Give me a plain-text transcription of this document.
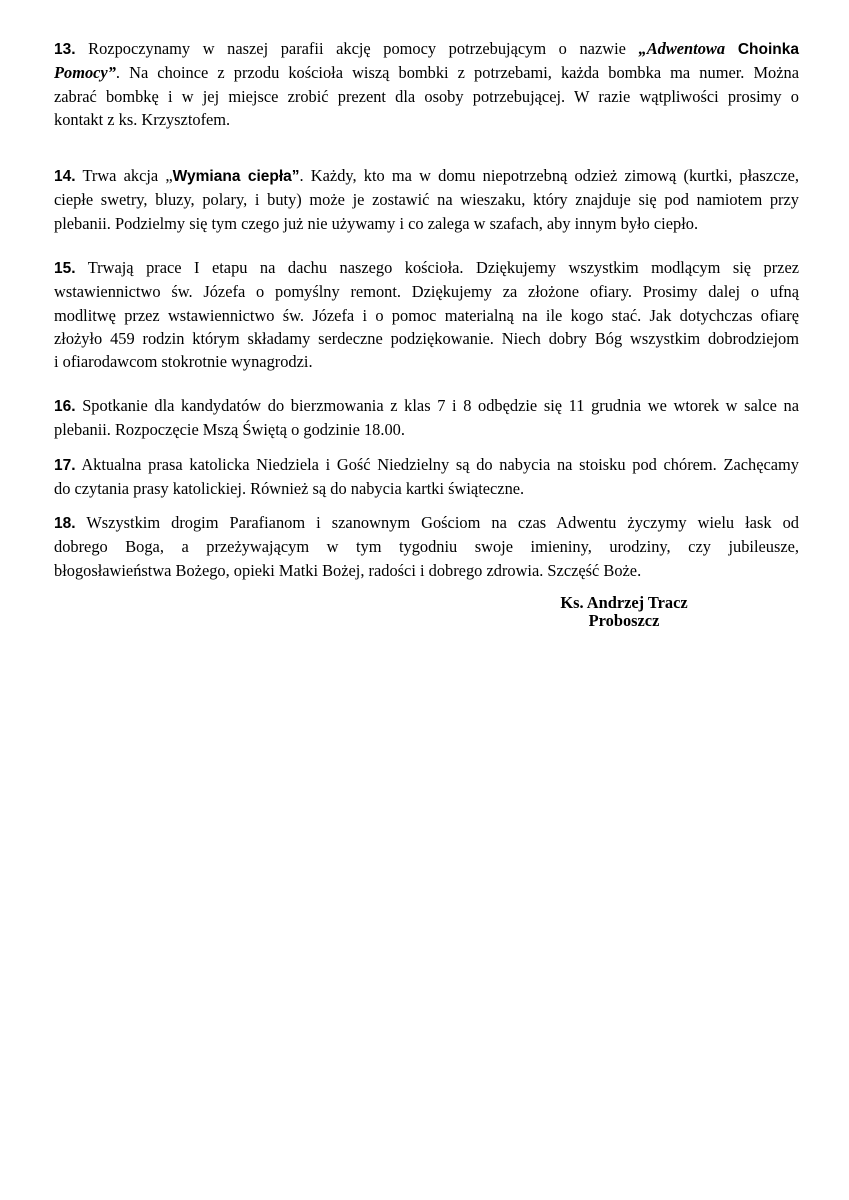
13. Rozpoczynamy w naszej parafii akcję pomocy potrzebującym o nazwie „Adwentowa Choinka
Pomocy”. Na choince z przodu kościoła wiszą bombki z potrzebami, każda bombka ma numer. Można
zabrać bombkę i w jej miejsce zrobić prezent dla osoby potrzebującej. W razie wątpliwości prosimy o
kontakt z ks. Krzysztofem.
14. Trwa akcja „Wymiana ciepła”. Każdy, kto ma w domu niepotrzebną odzież zimową (kurtki, płaszcze,
ciepłe swetry, bluzy, polary, i buty) może je zostawić na wieszaku, który znajduje się pod namiotem przy
plebanii. Podzielmy się tym czego już nie używamy i co zalega w szafach, aby innym było ciepło.
15. Trwają prace I etapu na dachu naszego kościoła. Dziękujemy wszystkim modlącym się przez
wstawiennictwo św. Józefa o pomyślny remont. Dziękujemy za złożone ofiary. Prosimy dalej o ufną
modlitwę przez wstawiennictwo św. Józefa i o pomoc materialną na ile kogo stać. Jak dotychczas ofiarę
złożyło 459 rodzin którym składamy serdeczne podziękowanie. Niech dobry Bóg wszystkim dobrodziejom
i ofiarodawcom stokrotnie wynagrodzi.
16. Spotkanie dla kandydatów do bierzmowania z klas 7 i 8 odbędzie się 11 grudnia we wtorek w salce na
plebanii. Rozpoczęcie Mszą Świętą o godzinie 18.00.
17. Aktualna prasa katolicka Niedziela i Gość Niedzielny są do nabycia na stoisku pod chórem. Zachęcamy
do czytania prasy katolickiej. Również są do nabycia kartki świąteczne.
18. Wszystkim drogim Parafianom i szanownym Gościom na czas Adwentu życzymy wielu łask od
dobrego Boga, a przeżywającym w tym tygodniu swoje imieniny, urodziny, czy jubileusze,
błogosławieństwa Bożego, opieki Matki Bożej, radości i dobrego zdrowia. Szczęść Boże.
Ks. Andrzej Tracz
Proboszcz
